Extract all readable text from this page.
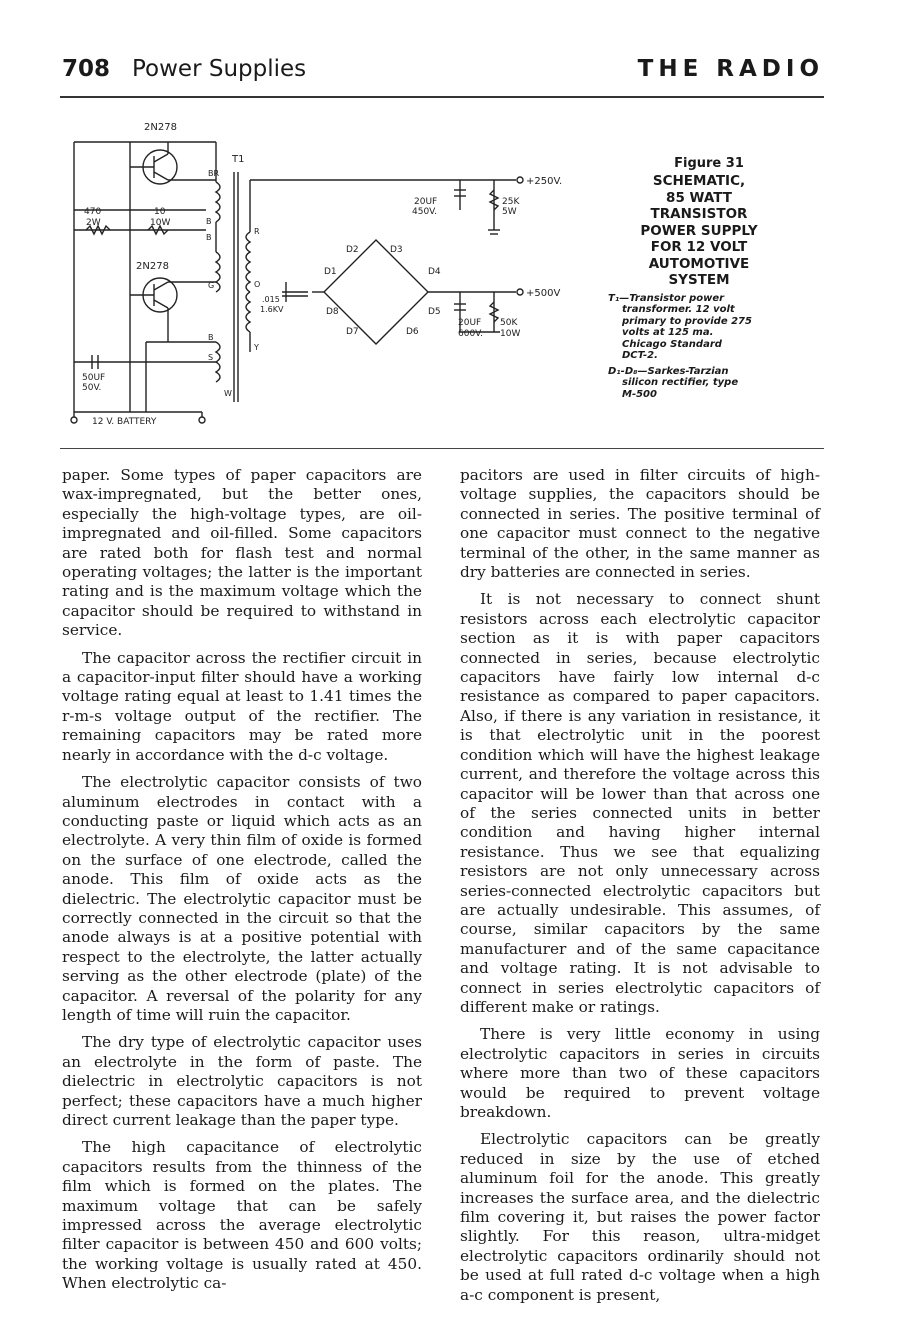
708 Power Supplies	THE RADIO
2N278
2N278
T1
BR
B
B
R
O
G
B
S
Y
W
470
2W
10
10W
.015
1.6KV
20UF
450V.
25K
5W
20UF
600V.
50K
10W
50UF
50V.
+250V.
+500V
12 V. BATTERY
D1
D2	D3
D4
D5
D6
D7
D8
Figure 31
SCHEMATIC,
85 WATT
TRANSISTOR
POWER SUPPLY
FOR 12 VOLT
AUTOMOTIVE
SYSTEM
T₁—Transistor power
transformer. 12 volt
primary to provide 275
volts at 125 ma.
Chicago Standard
DCT-2.
D₁-D₈—Sarkes-Tarzian
silicon rectifier, type
M-500

paper. Some types of paper capacitors are wax-impregnated, but the better ones, especially the high-voltage types, are oil-impregnated and oil-filled. Some capacitors are rated both for flash test and normal operating voltages; the latter is the important rating and is the maximum voltage which the capacitor should be required to withstand in service.

The capacitor across the rectifier circuit in a capacitor-input filter should have a working voltage rating equal at least to 1.41 times the r-m-s voltage output of the rectifier. The remaining capacitors may be rated more nearly in accordance with the d-c voltage.

The electrolytic capacitor consists of two aluminum electrodes in contact with a conducting paste or liquid which acts as an electrolyte. A very thin film of oxide is formed on the surface of one electrode, called the anode. This film of oxide acts as the dielectric. The electrolytic capacitor must be correctly connected in the circuit so that the anode always is at a positive potential with respect to the electrolyte, the latter actually serving as the other electrode (plate) of the capacitor. A reversal of the polarity for any length of time will ruin the capacitor.

The dry type of electrolytic capacitor uses an electrolyte in the form of paste. The dielectric in electrolytic capacitors is not perfect; these capacitors have a much higher direct current leakage than the paper type.

The high capacitance of electrolytic capacitors results from the thinness of the film which is formed on the plates. The maximum voltage that can be safely impressed across the average electrolytic filter capacitor is between 450 and 600 volts; the working voltage is usually rated at 450. When electrolytic ca-

pacitors are used in filter circuits of high-voltage supplies, the capacitors should be connected in series. The positive terminal of one capacitor must connect to the negative terminal of the other, in the same manner as dry batteries are connected in series.

It is not necessary to connect shunt resistors across each electrolytic capacitor section as it is with paper capacitors connected in series, because electrolytic capacitors have fairly low internal d-c resistance as compared to paper capacitors. Also, if there is any variation in resistance, it is that electrolytic unit in the poorest condition which will have the highest leakage current, and therefore the voltage across this capacitor will be lower than that across one of the series connected units in better condition and having higher internal resistance. Thus we see that equalizing resistors are not only unnecessary across series-connected electrolytic capacitors but are actually undesirable. This assumes, of course, similar capacitors by the same manufacturer and of the same capacitance and voltage rating. It is not advisable to connect in series electrolytic capacitors of different make or ratings.

There is very little economy in using electrolytic capacitors in series in circuits where more than two of these capacitors would be required to prevent voltage breakdown.

Electrolytic capacitors can be greatly reduced in size by the use of etched aluminum foil for the anode. This greatly increases the surface area, and the dielectric film covering it, but raises the power factor slightly. For this reason, ultra-midget electrolytic capacitors ordinarily should not be used at full rated d-c voltage when a high a-c component is present,
